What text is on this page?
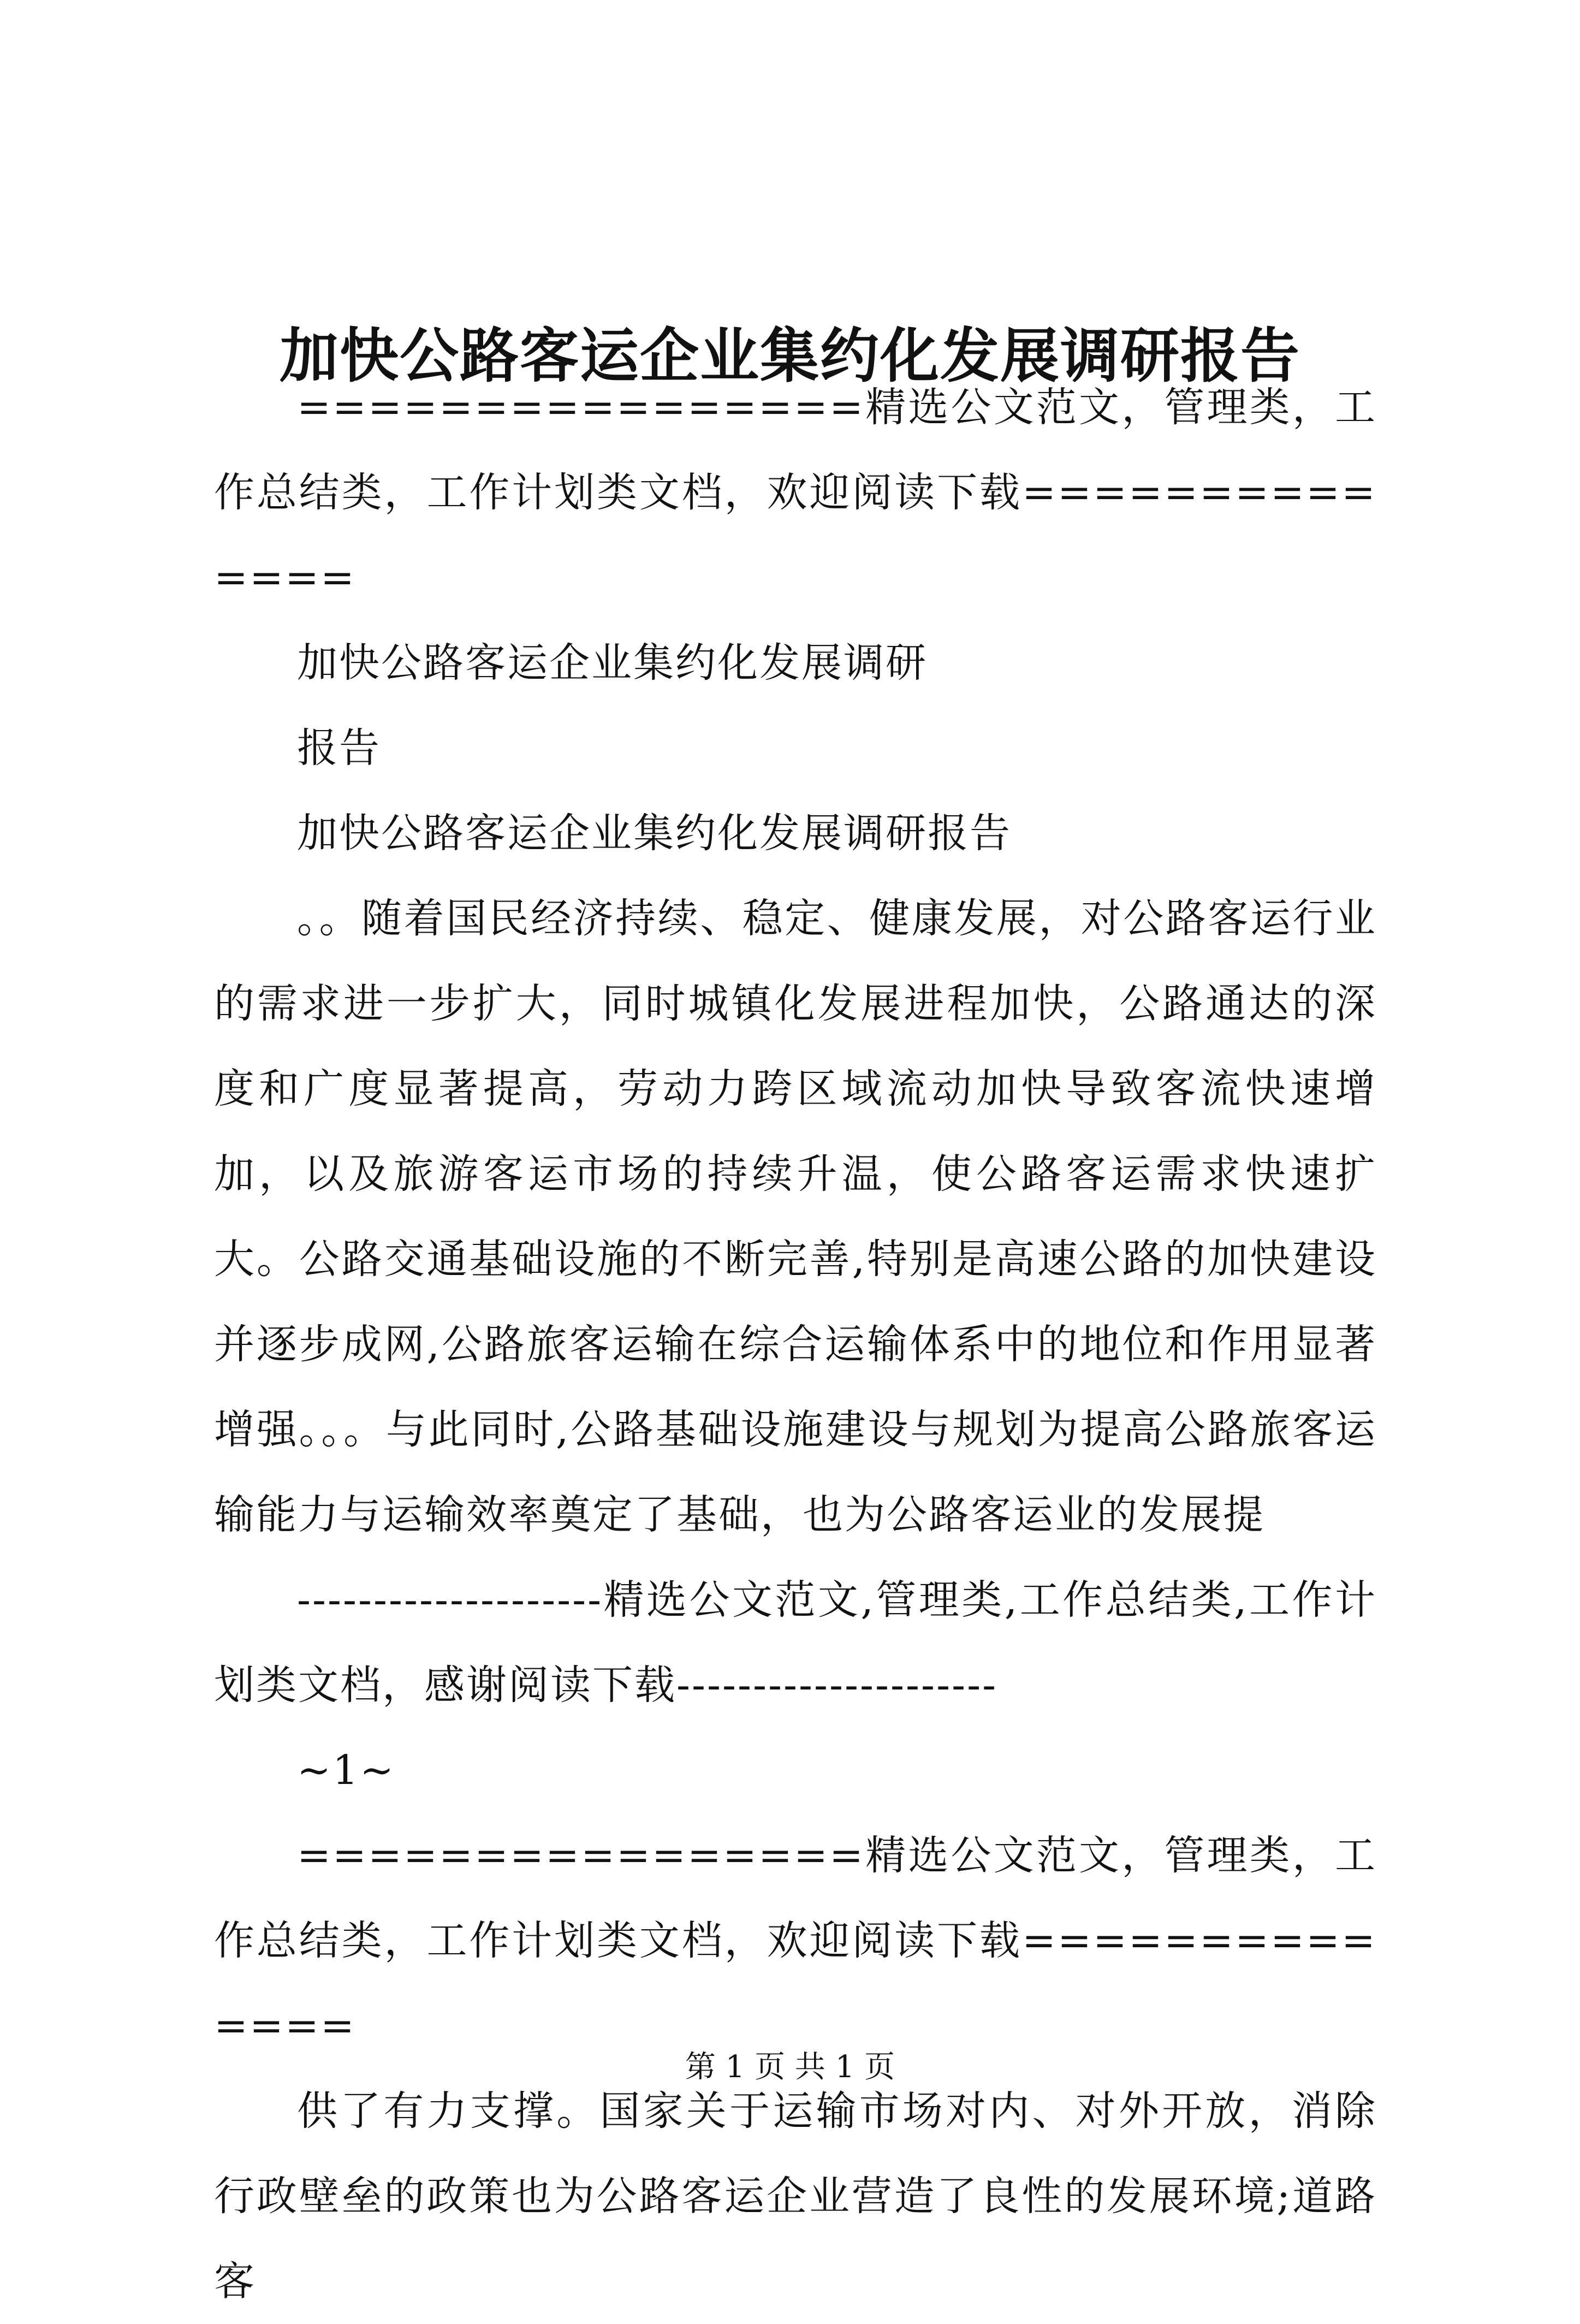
加快公路客运企业集约化发展调研报告

================精选公文范文，管理类，工作总结类，工作计划类文档，欢迎阅读下载==============

加快公路客运企业集约化发展调研

报告

加快公路客运企业集约化发展调研报告

。。随着国民经济持续、稳定、健康发展，对公路客运行业的需求进一步扩大，同时城镇化发展进程加快，公路通达的深度和广度显著提高，劳动力跨区域流动加快导致客流快速增加，以及旅游客运市场的持续升温，使公路客运需求快速扩大。公路交通基础设施的不断完善,特别是高速公路的加快建设并逐步成网,公路旅客运输在综合运输体系中的地位和作用显著增强。。。与此同时,公路基础设施建设与规划为提高公路旅客运输能力与运输效率奠定了基础，也为公路客运业的发展提

--------------------精选公文范文,管理类,工作总结类,工作计划类文档，感谢阅读下载---------------------

~1~

================精选公文范文，管理类，工作总结类，工作计划类文档，欢迎阅读下载==============

供了有力支撑。国家关于运输市场对内、对外开放，消除行政壁垒的政策也为公路客运企业营造了良性的发展环境;道路客

第 1 页 共 1 页
